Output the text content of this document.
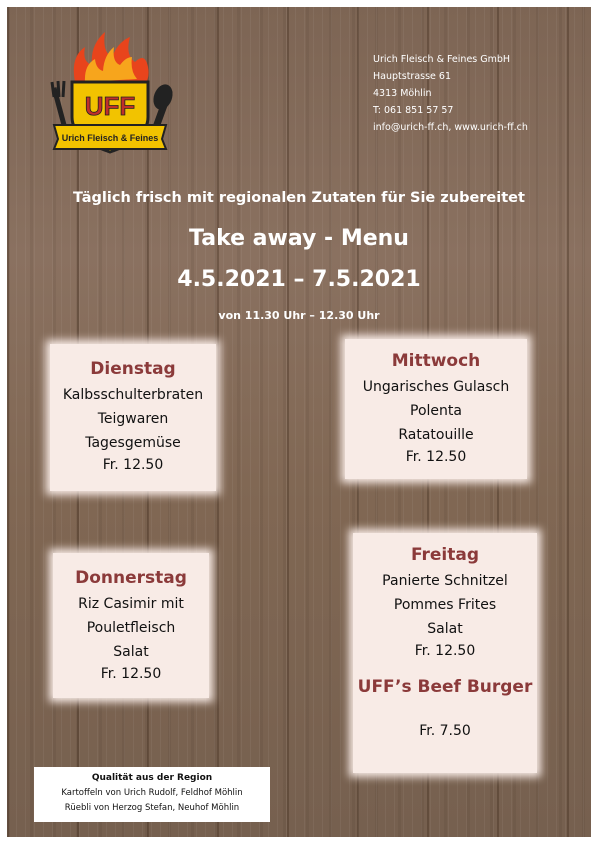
UFF
Urich Fleisch & Feines
Urich Fleisch & Feines GmbH
Hauptstrasse 61
4313 Möhlin
T: 061 851 57 57
info@urich-ff.ch, www.urich-ff.ch
Täglich frisch mit regionalen Zutaten für Sie zubereitet
Take away - Menu
4.5.2021 – 7.5.2021
von 11.30 Uhr – 12.30 Uhr
Dienstag
Kalbsschulterbraten
Teigwaren
Tagesgemüse
Fr. 12.50
Mittwoch
Ungarisches Gulasch
Polenta
Ratatouille
Fr. 12.50
Donnerstag
Riz Casimir mit
Pouletfleisch
Salat
Fr. 12.50
Freitag
Panierte Schnitzel
Pommes Frites
Salat
Fr. 12.50
UFF’s Beef Burger
Fr. 7.50
Qualität aus der Region
Kartoffeln von Urich Rudolf, Feldhof Möhlin
Rüebli von Herzog Stefan, Neuhof Möhlin
